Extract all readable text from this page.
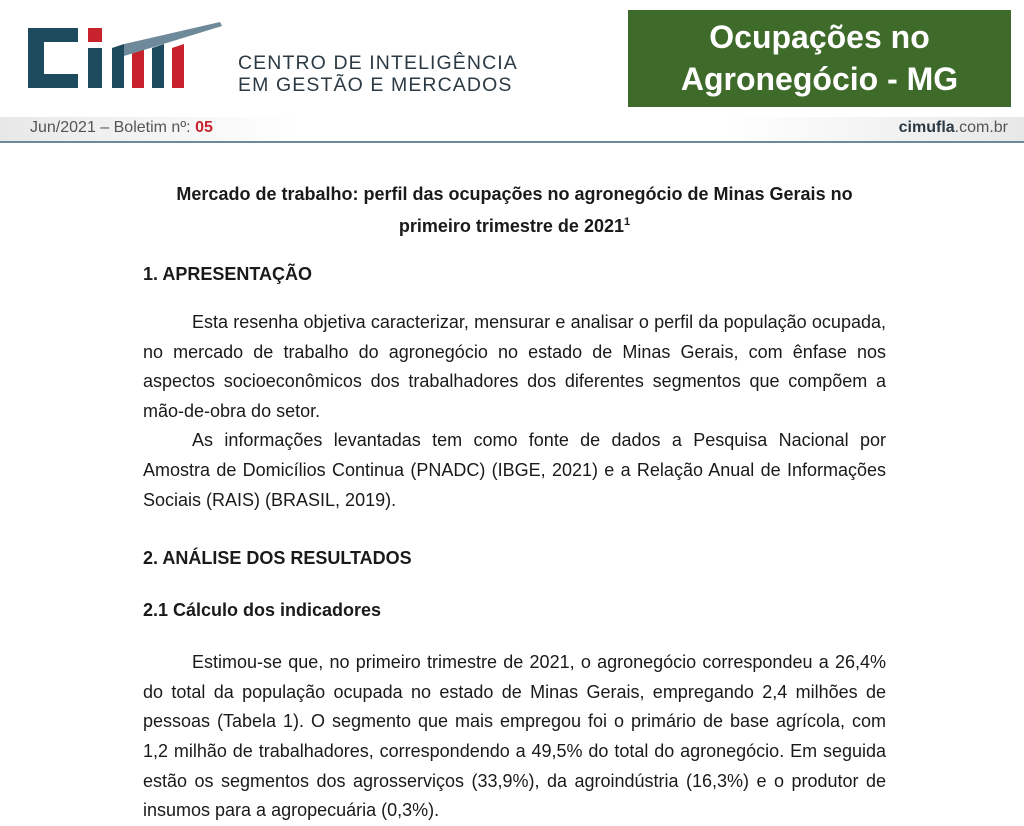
CENTRO DE INTELIGÊNCIA
EM GESTÃO E MERCADOS
Ocupações no
Agronegócio - MG
Jun/2021 – Boletim nº: 05	cimufla.com.br
Mercado de trabalho: perfil das ocupações no agronegócio de Minas Gerais no primeiro trimestre de 2021$^1$
1. APRESENTAÇÃO
Esta resenha objetiva caracterizar, mensurar e analisar o perfil da população ocupada, no mercado de trabalho do agronegócio no estado de Minas Gerais, com ênfase nos aspectos socioeconômicos dos trabalhadores dos diferentes segmentos que compõem a mão-de-obra do setor.
As informações levantadas tem como fonte de dados a Pesquisa Nacional por Amostra de Domicílios Continua (PNADC) (IBGE, 2021) e a Relação Anual de Informações Sociais (RAIS) (BRASIL, 2019).
2. ANÁLISE DOS RESULTADOS
2.1 Cálculo dos indicadores
Estimou-se que, no primeiro trimestre de 2021, o agronegócio correspondeu a 26,4% do total da população ocupada no estado de Minas Gerais, empregando 2,4 milhões de pessoas (Tabela 1). O segmento que mais empregou foi o primário de base agrícola, com 1,2 milhão de trabalhadores, correspondendo a 49,5% do total do agronegócio. Em seguida estão os segmentos dos agrosserviços (33,9%), da agroindústria (16,3%) e o produtor de insumos para a agropecuária (0,3%).
